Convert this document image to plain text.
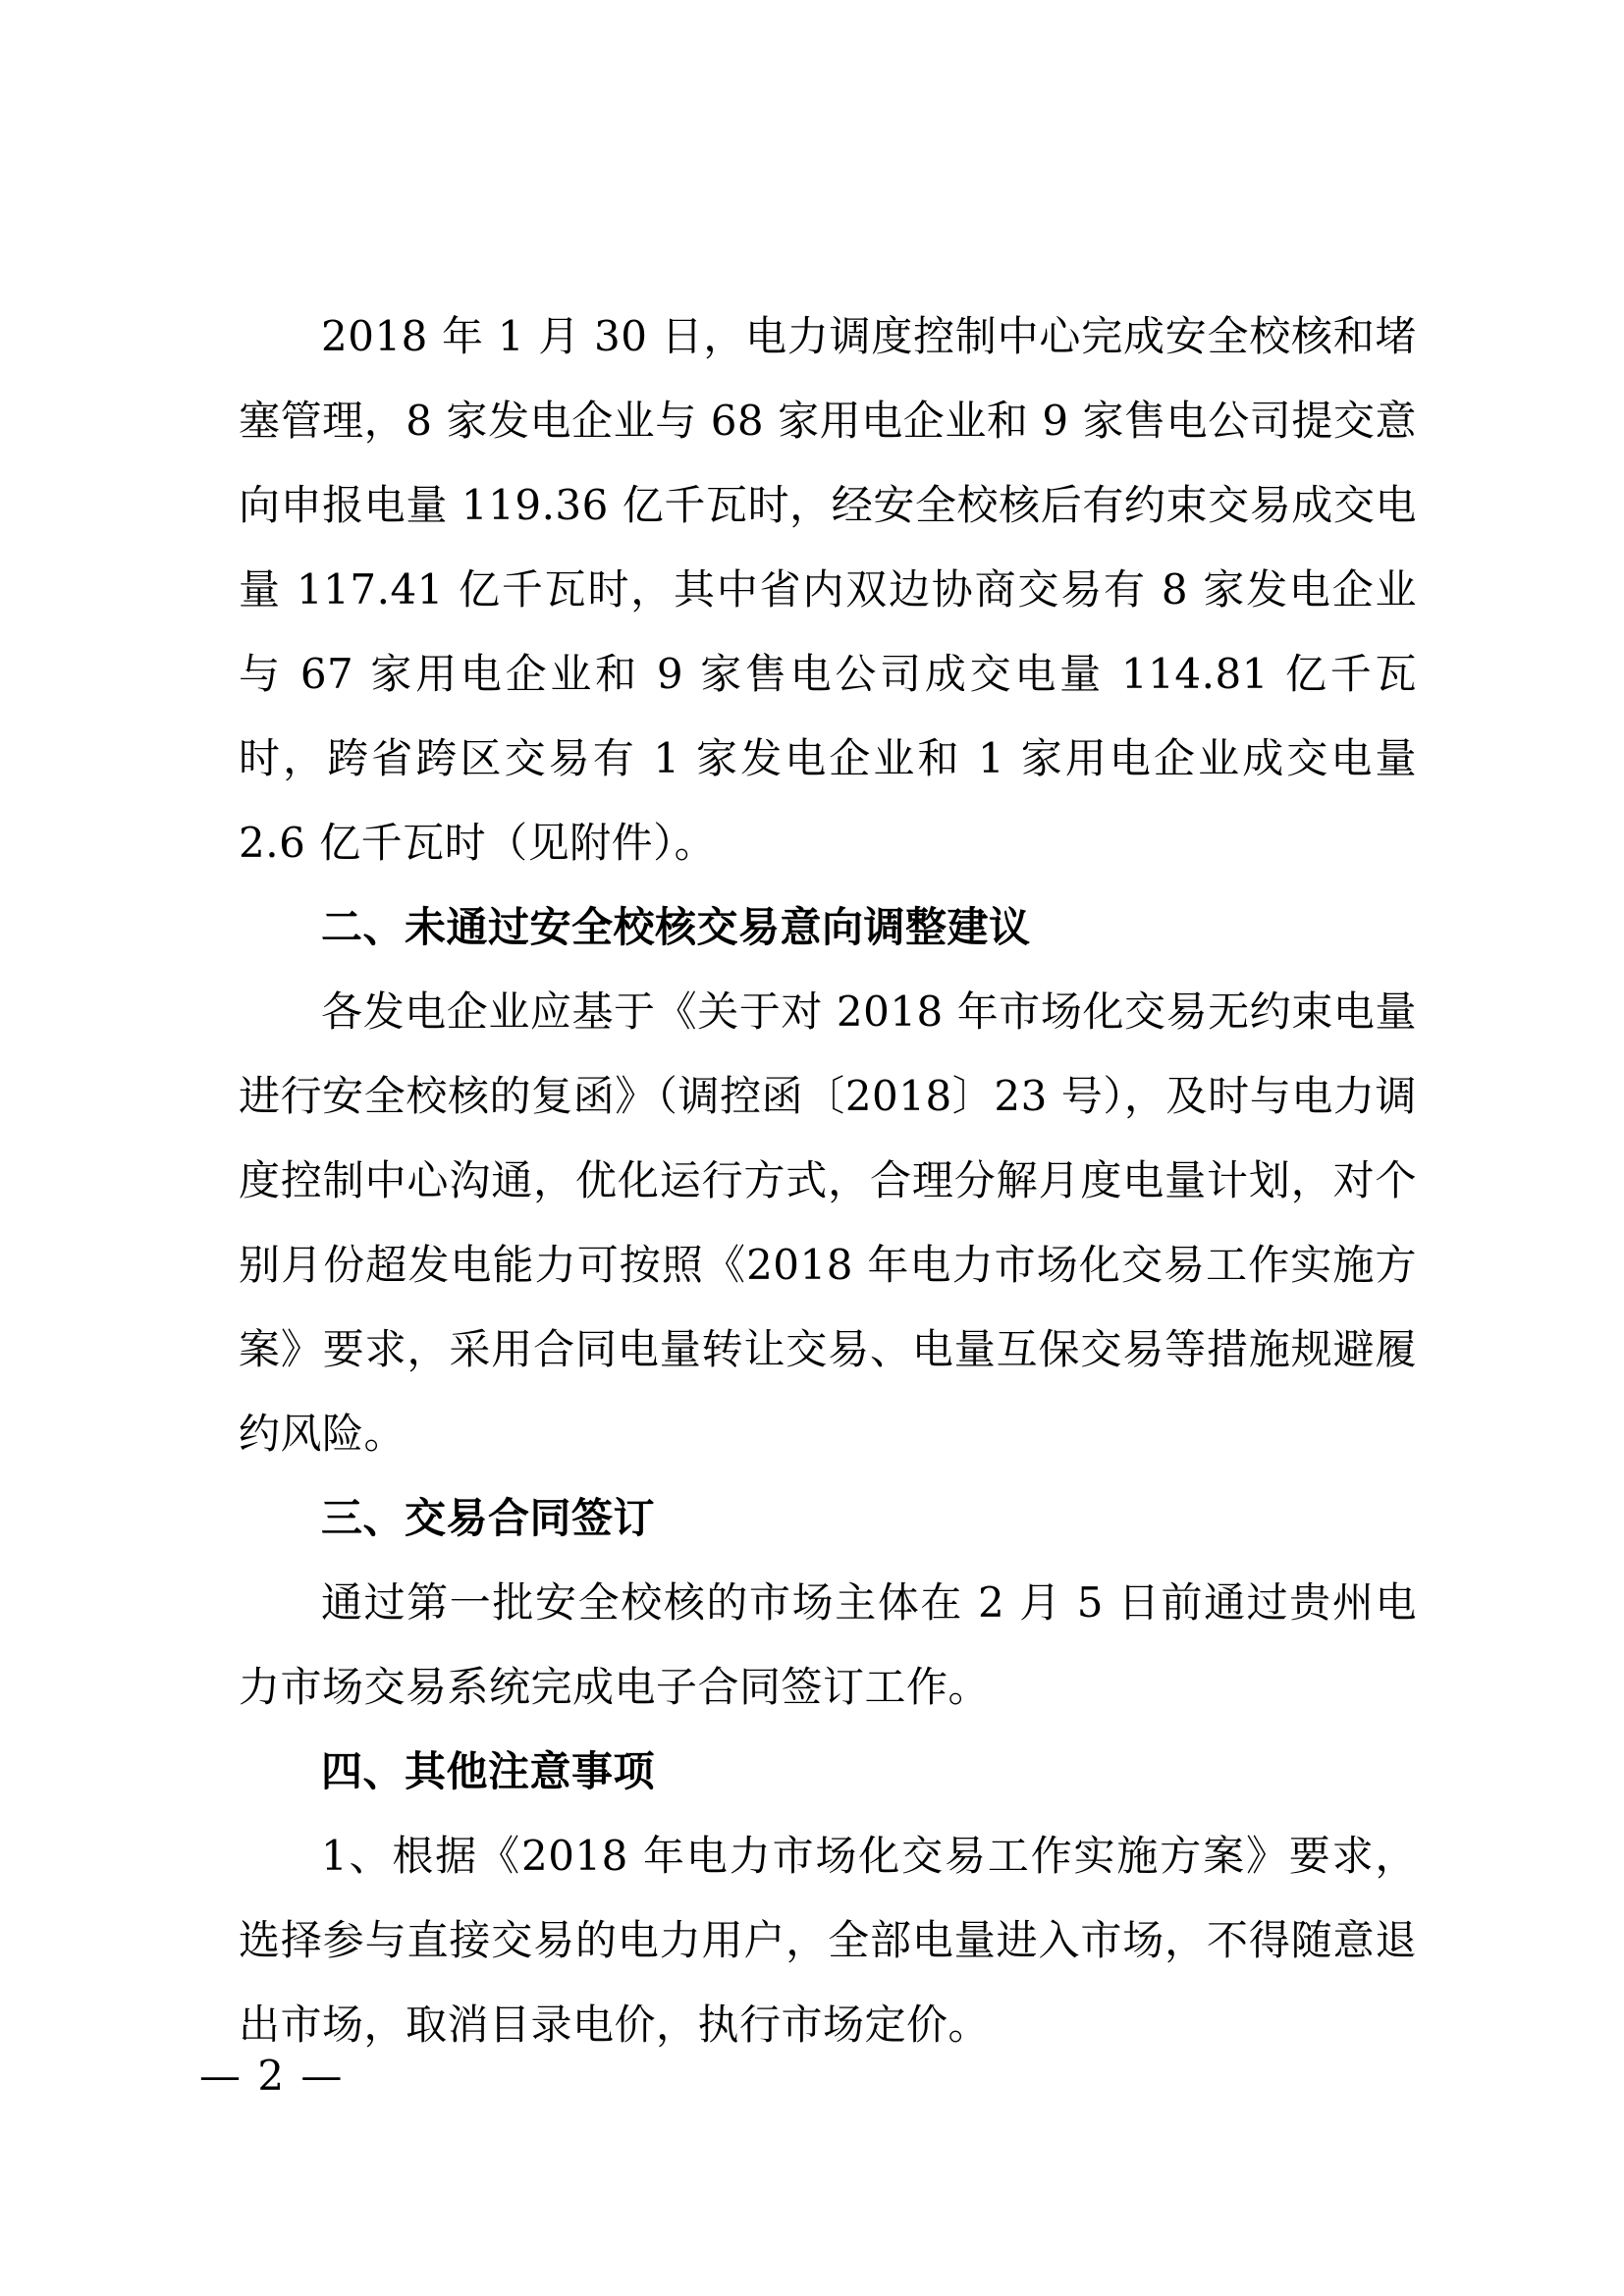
2018 年 1 月 30 日，电力调度控制中心完成安全校核和堵塞管理，8 家发电企业与 68 家用电企业和 9 家售电公司提交意向申报电量 119.36 亿千瓦时，经安全校核后有约束交易成交电量 117.41 亿千瓦时，其中省内双边协商交易有 8 家发电企业与 67 家用电企业和 9 家售电公司成交电量 114.81 亿千瓦时，跨省跨区交易有 1 家发电企业和 1 家用电企业成交电量 2.6 亿千瓦时（见附件）。

二、未通过安全校核交易意向调整建议

各发电企业应基于《关于对 2018 年市场化交易无约束电量进行安全校核的复函》（调控函〔2018〕23 号），及时与电力调度控制中心沟通，优化运行方式，合理分解月度电量计划，对个别月份超发电能力可按照《2018 年电力市场化交易工作实施方案》要求，采用合同电量转让交易、电量互保交易等措施规避履约风险。

三、交易合同签订

通过第一批安全校核的市场主体在 2 月 5 日前通过贵州电力市场交易系统完成电子合同签订工作。

四、其他注意事项

1、根据《2018 年电力市场化交易工作实施方案》要求，选择参与直接交易的电力用户，全部电量进入市场，不得随意退出市场，取消目录电价，执行市场定价。

— 2 —
